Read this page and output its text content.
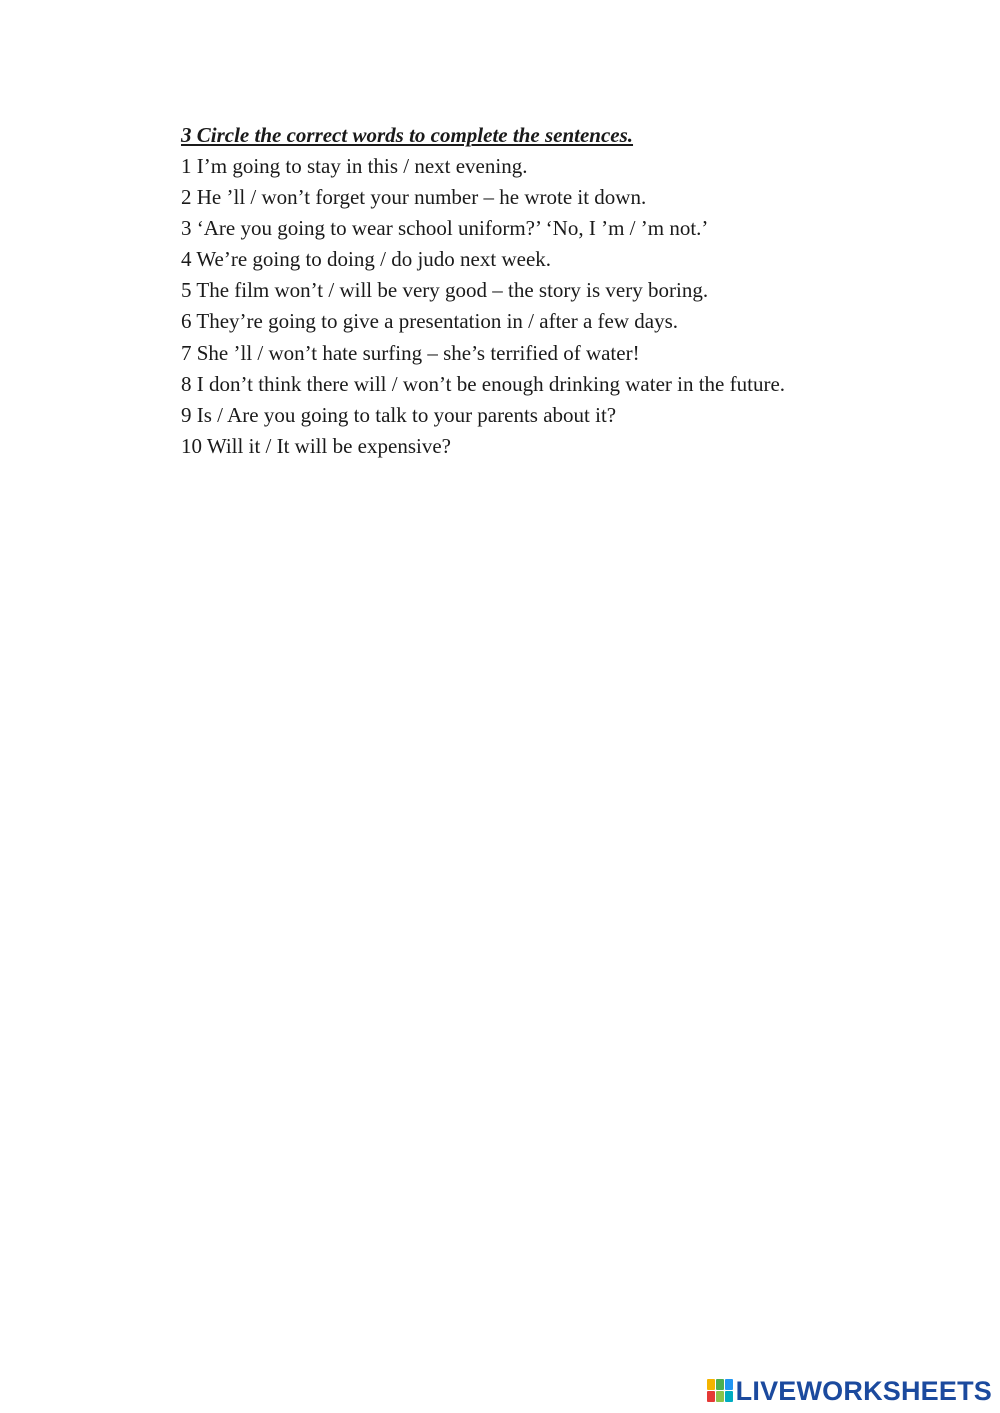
3 Circle the correct words to complete the sentences.
1 I’m going to stay in this / next evening.
2 He ’ll / won’t forget your number – he wrote it down.
3 ‘Are you going to wear school uniform?’ ‘No, I ’m / ’m not.’
4 We’re going to doing / do judo next week.
5 The film won’t / will be very good – the story is very boring.
6 They’re going to give a presentation in / after a few days.
7 She ’ll / won’t hate surfing – she’s terrified of water!
8 I don’t think there will / won’t be enough drinking water in the future.
9 Is / Are you going to talk to your parents about it?
10 Will it / It will be expensive?
LIVEWORKSHEETS
